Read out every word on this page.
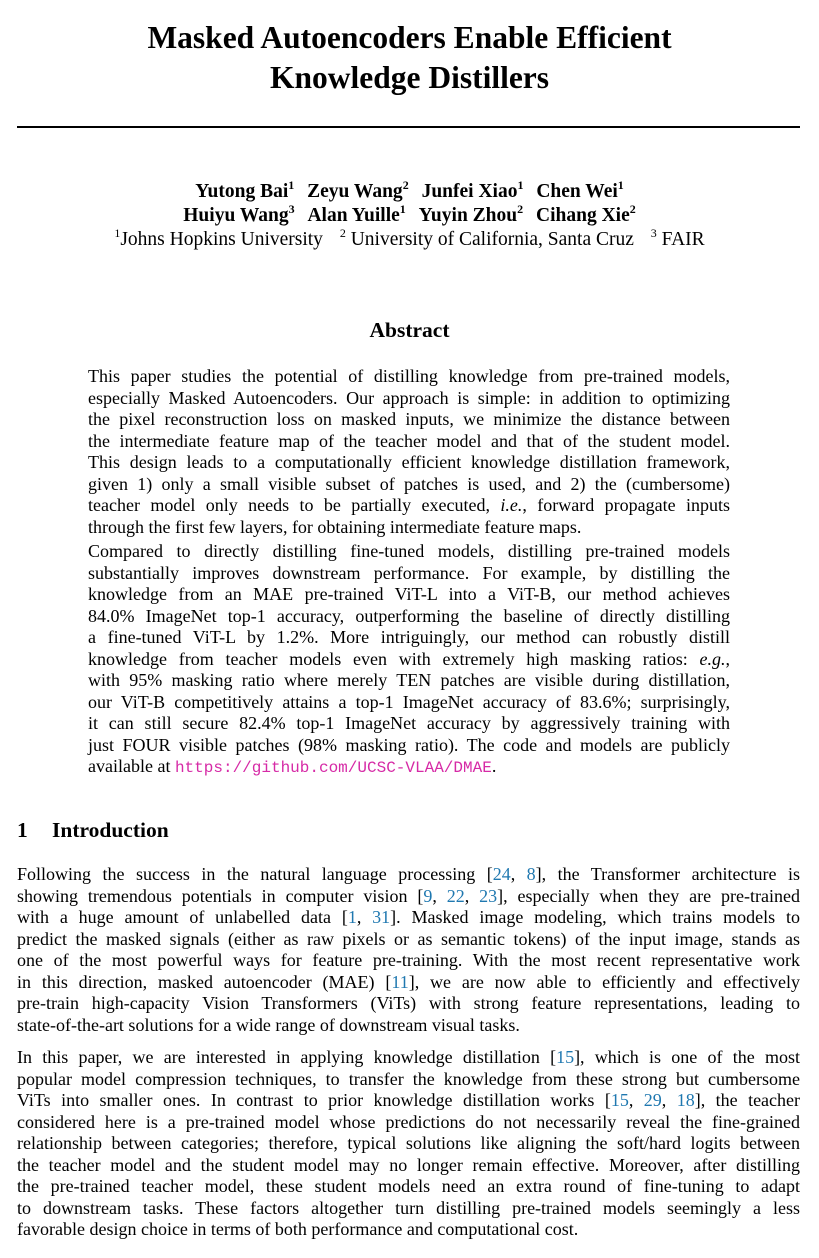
Masked Autoencoders Enable Efficient
Knowledge Distillers
Yutong Bai$^1$ Zeyu Wang$^2$ Junfei Xiao$^1$ Chen Wei$^1$
Huiyu Wang$^3$ Alan Yuille$^1$ Yuyin Zhou$^2$ Cihang Xie$^2$
$^1$Johns Hopkins University $^2$ University of California, Santa Cruz $^3$ FAIR
Abstract
This paper studies the potential of distilling knowledge from pre-trained models,
especially Masked Autoencoders. Our approach is simple: in addition to optimizing
the pixel reconstruction loss on masked inputs, we minimize the distance between
the intermediate feature map of the teacher model and that of the student model.
This design leads to a computationally efficient knowledge distillation framework,
given 1) only a small visible subset of patches is used, and 2) the (cumbersome)
teacher model only needs to be partially executed, i.e., forward propagate inputs
through the first few layers, for obtaining intermediate feature maps.
Compared to directly distilling fine-tuned models, distilling pre-trained models
substantially improves downstream performance. For example, by distilling the
knowledge from an MAE pre-trained ViT-L into a ViT-B, our method achieves
84.0% ImageNet top-1 accuracy, outperforming the baseline of directly distilling
a fine-tuned ViT-L by 1.2%. More intriguingly, our method can robustly distill
knowledge from teacher models even with extremely high masking ratios: e.g.,
with 95% masking ratio where merely TEN patches are visible during distillation,
our ViT-B competitively attains a top-1 ImageNet accuracy of 83.6%; surprisingly,
it can still secure 82.4% top-1 ImageNet accuracy by aggressively training with
just FOUR visible patches (98% masking ratio). The code and models are publicly
available at https://github.com/UCSC-VLAA/DMAE.
1 Introduction
Following the success in the natural language processing [24, 8], the Transformer architecture is
showing tremendous potentials in computer vision [9, 22, 23], especially when they are pre-trained
with a huge amount of unlabelled data [1, 31]. Masked image modeling, which trains models to
predict the masked signals (either as raw pixels or as semantic tokens) of the input image, stands as
one of the most powerful ways for feature pre-training. With the most recent representative work
in this direction, masked autoencoder (MAE) [11], we are now able to efficiently and effectively
pre-train high-capacity Vision Transformers (ViTs) with strong feature representations, leading to
state-of-the-art solutions for a wide range of downstream visual tasks.
In this paper, we are interested in applying knowledge distillation [15], which is one of the most
popular model compression techniques, to transfer the knowledge from these strong but cumbersome
ViTs into smaller ones. In contrast to prior knowledge distillation works [15, 29, 18], the teacher
considered here is a pre-trained model whose predictions do not necessarily reveal the fine-grained
relationship between categories; therefore, typical solutions like aligning the soft/hard logits between
the teacher model and the student model may no longer remain effective. Moreover, after distilling
the pre-trained teacher model, these student models need an extra round of fine-tuning to adapt
to downstream tasks. These factors altogether turn distilling pre-trained models seemingly a less
favorable design choice in terms of both performance and computational cost.
